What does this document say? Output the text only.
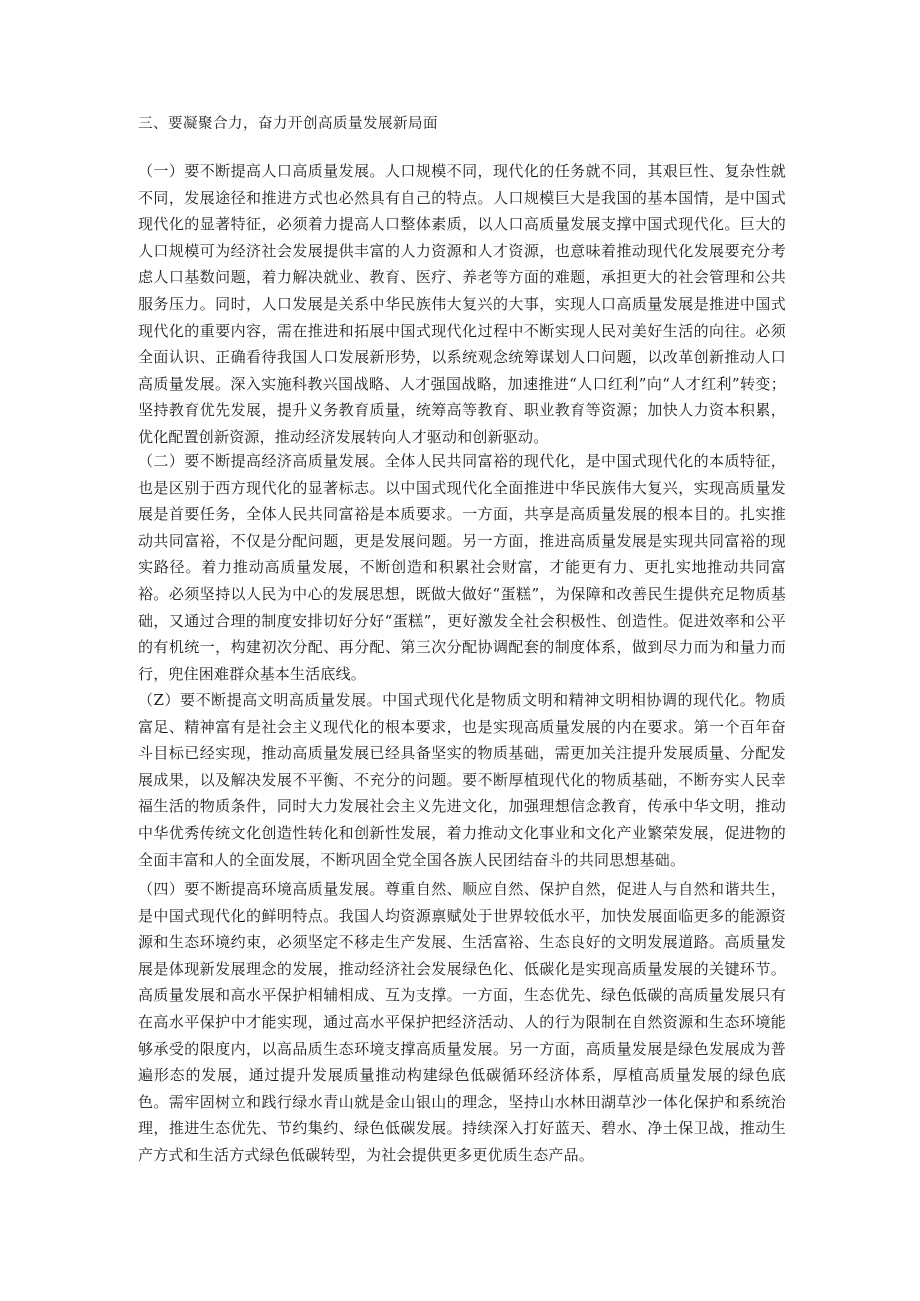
三、要凝聚合力，奋力开创高质量发展新局面

（一）要不断提高人口高质量发展。人口规模不同，现代化的任务就不同，其艰巨性、复杂性就不同，发展途径和推进方式也必然具有自己的特点。人口规模巨大是我国的基本国情，是中国式现代化的显著特征，必须着力提高人口整体素质，以人口高质量发展支撑中国式现代化。巨大的人口规模可为经济社会发展提供丰富的人力资源和人才资源，也意味着推动现代化发展要充分考虑人口基数问题，着力解决就业、教育、医疗、养老等方面的难题，承担更大的社会管理和公共服务压力。同时，人口发展是关系中华民族伟大复兴的大事，实现人口高质量发展是推进中国式现代化的重要内容，需在推进和拓展中国式现代化过程中不断实现人民对美好生活的向往。必须全面认识、正确看待我国人口发展新形势，以系统观念统筹谋划人口问题，以改革创新推动人口高质量发展。深入实施科教兴国战略、人才强国战略，加速推进“人口红利”向“人才红利”转变；坚持教育优先发展，提升义务教育质量，统筹高等教育、职业教育等资源；加快人力资本积累，优化配置创新资源，推动经济发展转向人才驱动和创新驱动。

（二）要不断提高经济高质量发展。全体人民共同富裕的现代化，是中国式现代化的本质特征，也是区别于西方现代化的显著标志。以中国式现代化全面推进中华民族伟大复兴，实现高质量发展是首要任务，全体人民共同富裕是本质要求。一方面，共享是高质量发展的根本目的。扎实推动共同富裕，不仅是分配问题，更是发展问题。另一方面，推进高质量发展是实现共同富裕的现实路径。着力推动高质量发展，不断创造和积累社会财富，才能更有力、更扎实地推动共同富裕。必须坚持以人民为中心的发展思想，既做大做好“蛋糕”，为保障和改善民生提供充足物质基础，又通过合理的制度安排切好分好“蛋糕”，更好激发全社会积极性、创造性。促进效率和公平的有机统一，构建初次分配、再分配、第三次分配协调配套的制度体系，做到尽力而为和量力而行，兜住困难群众基本生活底线。

（Z）要不断提高文明高质量发展。中国式现代化是物质文明和精神文明相协调的现代化。物质富足、精神富有是社会主义现代化的根本要求，也是实现高质量发展的内在要求。第一个百年奋斗目标已经实现，推动高质量发展已经具备坚实的物质基础，需更加关注提升发展质量、分配发展成果，以及解决发展不平衡、不充分的问题。要不断厚植现代化的物质基础，不断夯实人民幸福生活的物质条件，同时大力发展社会主义先进文化，加强理想信念教育，传承中华文明，推动中华优秀传统文化创造性转化和创新性发展，着力推动文化事业和文化产业繁荣发展，促进物的全面丰富和人的全面发展，不断巩固全党全国各族人民团结奋斗的共同思想基础。

（四）要不断提高环境高质量发展。尊重自然、顺应自然、保护自然，促进人与自然和谐共生，是中国式现代化的鲜明特点。我国人均资源禀赋处于世界较低水平，加快发展面临更多的能源资源和生态环境约束，必须坚定不移走生产发展、生活富裕、生态良好的文明发展道路。高质量发展是体现新发展理念的发展，推动经济社会发展绿色化、低碳化是实现高质量发展的关键环节。高质量发展和高水平保护相辅相成、互为支撑。一方面，生态优先、绿色低碳的高质量发展只有在高水平保护中才能实现，通过高水平保护把经济活动、人的行为限制在自然资源和生态环境能够承受的限度内，以高品质生态环境支撑高质量发展。另一方面，高质量发展是绿色发展成为普遍形态的发展，通过提升发展质量推动构建绿色低碳循环经济体系，厚植高质量发展的绿色底色。需牢固树立和践行绿水青山就是金山银山的理念，坚持山水林田湖草沙一体化保护和系统治理，推进生态优先、节约集约、绿色低碳发展。持续深入打好蓝天、碧水、净土保卫战，推动生产方式和生活方式绿色低碳转型，为社会提供更多更优质生态产品。
